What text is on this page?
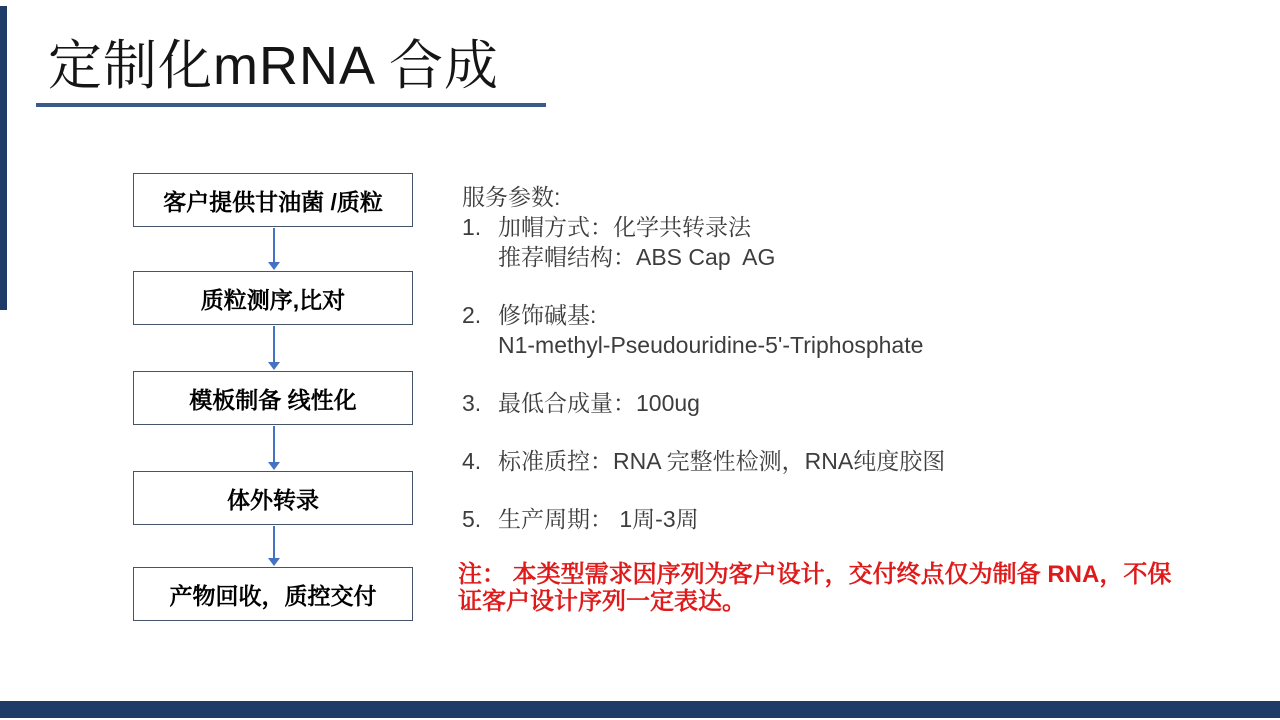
定制化mRNA 合成
客户提供甘油菌 /质粒
质粒测序,比对
模板制备 线性化
体外转录
产物回收，质控交付
服务参数:
1. 加帽方式：化学共转录法
推荐帽结构：ABS Cap  AG
2. 修饰碱基:
N1-methyl-Pseudouridine-5'-Triphosphate
3. 最低合成量：100ug
4. 标准质控：RNA 完整性检测，RNA纯度胶图
5. 生产周期： 1周-3周
注： 本类型需求因序列为客户设计，交付终点仅为制备 RNA，不保
证客户设计序列一定表达。
